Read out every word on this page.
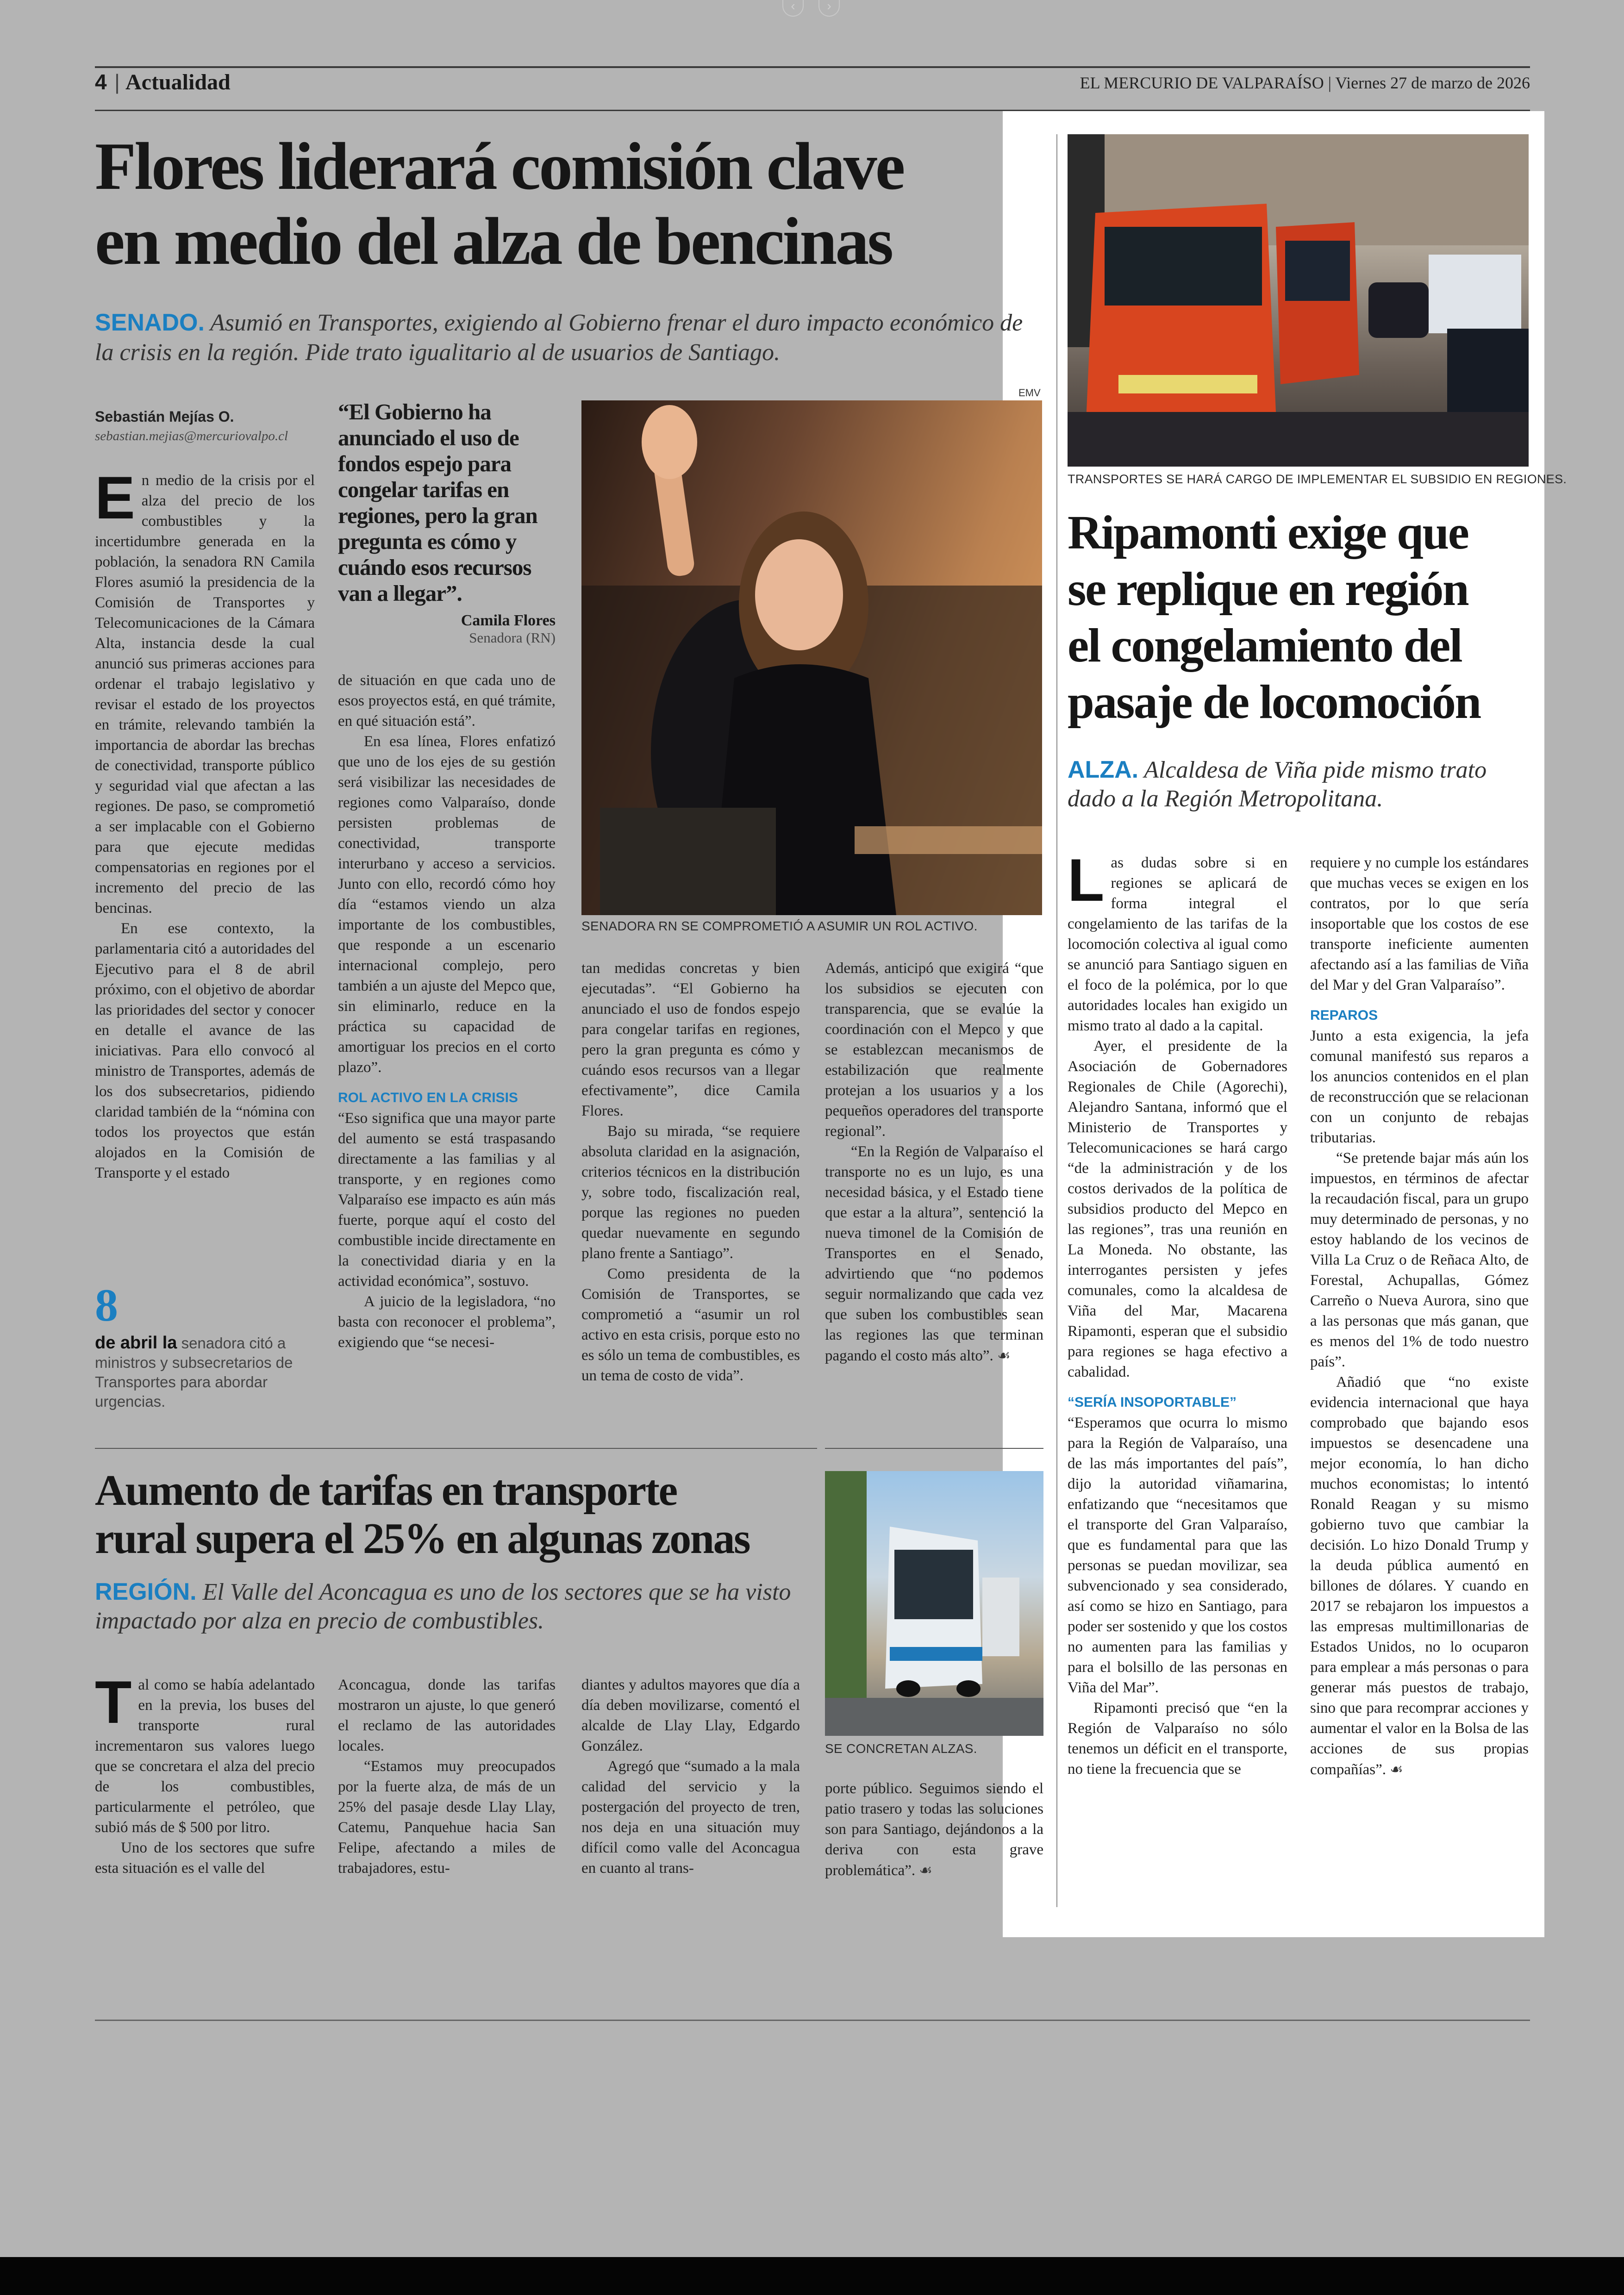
‹	›
4 | Actualidad	EL MERCURIO DE VALPARAÍSO | Viernes 27 de marzo de 2026
Flores liderará comisión clave
en medio del alza de bencinas
SENADO. Asumió en Transportes, exigiendo al Gobierno frenar el duro impacto económico de la crisis en la región. Pide trato igualitario al de usuarios de Santiago.
Sebastián Mejías O.
sebastian.mejias@mercuriovalpo.cl

En medio de la crisis por el alza del precio de los combustibles y la incertidumbre generada en la población, la senadora RN Camila Flores asumió la presidencia de la Comisión de Transportes y Telecomunicaciones de la Cámara Alta, instancia desde la cual anunció sus primeras acciones para ordenar el trabajo legislativo y revisar el estado de los proyectos en trámite, relevando también la importancia de abordar las brechas de conectividad, transporte público y seguridad vial que afectan a las regiones. De paso, se comprometió a ser implacable con el Gobierno para que ejecute medidas compensatorias en regiones por el incremento del precio de las bencinas.

En ese contexto, la parlamentaria citó a autoridades del Ejecutivo para el 8 de abril próximo, con el objetivo de abordar las prioridades del sector y conocer en detalle el avance de las iniciativas. Para ello convocó al ministro de Transportes, además de los dos subsecretarios, pidiendo claridad también de la “nómina con todos los proyectos que están alojados en la Comisión de Transporte y el estado

8
de abril la senadora citó a ministros y subsecretarios de Transportes para abordar urgencias.
“El Gobierno ha anunciado el uso de fondos espejo para congelar tarifas en regiones, pero la gran pregunta es cómo y cuándo esos recursos van a llegar”.
Camila Flores
Senadora (RN)

de situación en que cada uno de esos proyectos está, en qué trámite, en qué situación está”.

En esa línea, Flores enfatizó que uno de los ejes de su gestión será visibilizar las necesidades de regiones como Valparaíso, donde persisten problemas de conectividad, transporte interurbano y acceso a servicios. Junto con ello, recordó cómo hoy día “estamos viendo un alza importante de los combustibles, que responde a un escenario internacional complejo, pero también a un ajuste del Mepco que, sin eliminarlo, reduce en la práctica su capacidad de amortiguar los precios en el corto plazo”.

ROL ACTIVO EN LA CRISIS

“Eso significa que una mayor parte del aumento se está traspasando directamente a las familias y al transporte, y en regiones como Valparaíso ese impacto es aún más fuerte, porque aquí el costo del combustible incide directamente en la conectividad diaria y en la actividad económica”, sostuvo.

A juicio de la legisladora, “no basta con reconocer el problema”, exigiendo que “se necesi-

EMV
SENADORA RN SE COMPROMETIÓ A ASUMIR UN ROL ACTIVO.

tan medidas concretas y bien ejecutadas”. “El Gobierno ha anunciado el uso de fondos espejo para congelar tarifas en regiones, pero la gran pregunta es cómo y cuándo esos recursos van a llegar efectivamente”, dice Camila Flores.

Bajo su mirada, “se requiere absoluta claridad en la asignación, criterios técnicos en la distribución y, sobre todo, fiscalización real, porque las regiones no pueden quedar nuevamente en segundo plano frente a Santiago”.

Como presidenta de la Comisión de Transportes, se comprometió a “asumir un rol activo en esta crisis, porque esto no es sólo un tema de combustibles, es un tema de costo de vida”.

Además, anticipó que exigirá “que los subsidios se ejecuten con transparencia, que se evalúe la coordinación con el Mepco y que se establezcan mecanismos de estabilización que realmente protejan a los usuarios y a los pequeños operadores del transporte regional”.

“En la Región de Valparaíso el transporte no es un lujo, es una necesidad básica, y el Estado tiene que estar a la altura”, sentenció la nueva timonel de la Comisión de Transportes en el Senado, advirtiendo que “no podemos seguir normalizando que cada vez que suben los combustibles sean las regiones las que terminan pagando el costo más alto”. ☙

Aumento de tarifas en transporte
rural supera el 25% en algunas zonas
REGIÓN. El Valle del Aconcagua es uno de los sectores que se ha visto impactado por alza en precio de combustibles.

Tal como se había adelantado en la previa, los buses del transporte rural incrementaron sus valores luego que se concretara el alza del precio de los combustibles, particularmente el petróleo, que subió más de $ 500 por litro.

Uno de los sectores que sufre esta situación es el valle del

Aconcagua, donde las tarifas mostraron un ajuste, lo que generó el reclamo de las autoridades locales.

“Estamos muy preocupados por la fuerte alza, de más de un 25% del pasaje desde Llay Llay, Catemu, Panquehue hacia San Felipe, afectando a miles de trabajadores, estu-

diantes y adultos mayores que día a día deben movilizarse, comentó el alcalde de Llay Llay, Edgardo González.

Agregó que “sumado a la mala calidad del servicio y la postergación del proyecto de tren, nos deja en una situación muy difícil como valle del Aconcagua en cuanto al trans-

porte público. Seguimos siendo el patio trasero y todas las soluciones son para Santiago, dejándonos a la deriva con esta grave problemática”. ☙

SE CONCRETAN ALZAS.
TRANSPORTES SE HARÁ CARGO DE IMPLEMENTAR EL SUBSIDIO EN REGIONES.
Ripamonti exige que
se replique en región
el congelamiento del
pasaje de locomoción
ALZA. Alcaldesa de Viña pide mismo trato dado a la Región Metropolitana.

Las dudas sobre si en regiones se aplicará de forma integral el congelamiento de las tarifas de la locomoción colectiva al igual como se anunció para Santiago siguen en el foco de la polémica, por lo que autoridades locales han exigido un mismo trato al dado a la capital.

Ayer, el presidente de la Asociación de Gobernadores Regionales de Chile (Agorechi), Alejandro Santana, informó que el Ministerio de Transportes y Telecomunicaciones se hará cargo “de la administración y de los costos derivados de la política de subsidios producto del Mepco en las regiones”, tras una reunión en La Moneda. No obstante, las interrogantes persisten y jefes comunales, como la alcaldesa de Viña del Mar, Macarena Ripamonti, esperan que el subsidio para regiones se haga efectivo a cabalidad.

“SERÍA INSOPORTABLE”

“Esperamos que ocurra lo mismo para la Región de Valparaíso, una de las más importantes del país”, dijo la autoridad viñamarina, enfatizando que “necesitamos que el transporte del Gran Valparaíso, que es fundamental para que las personas se puedan movilizar, sea subvencionado y sea considerado, así como se hizo en Santiago, para poder ser sostenido y que los costos no aumenten para las familias y para el bolsillo de las personas en Viña del Mar”.

Ripamonti precisó que “en la Región de Valparaíso no sólo tenemos un déficit en el transporte, no tiene la frecuencia que se

requiere y no cumple los estándares que muchas veces se exigen en los contratos, por lo que sería insoportable que los costos de ese transporte ineficiente aumenten afectando así a las familias de Viña del Mar y del Gran Valparaíso”.

REPAROS

Junto a esta exigencia, la jefa comunal manifestó sus reparos a los anuncios contenidos en el plan de reconstrucción que se relacionan con un conjunto de rebajas tributarias.

“Se pretende bajar más aún los impuestos, en términos de afectar la recaudación fiscal, para un grupo muy determinado de personas, y no estoy hablando de los vecinos de Villa La Cruz o de Reñaca Alto, de Forestal, Achupallas, Gómez Carreño o Nueva Aurora, sino que a las personas que más ganan, que es menos del 1% de todo nuestro país”.

Añadió que “no existe evidencia internacional que haya comprobado que bajando esos impuestos se desencadene una mejor economía, lo han dicho muchos economistas; lo intentó Ronald Reagan y su mismo gobierno tuvo que cambiar la decisión. Lo hizo Donald Trump y la deuda pública aumentó en billones de dólares. Y cuando en 2017 se rebajaron los impuestos a las empresas multimillonarias de Estados Unidos, no lo ocuparon para emplear a más personas o para generar más puestos de trabajo, sino que para recomprar acciones y aumentar el valor en la Bolsa de las acciones de sus propias compañías”. ☙
